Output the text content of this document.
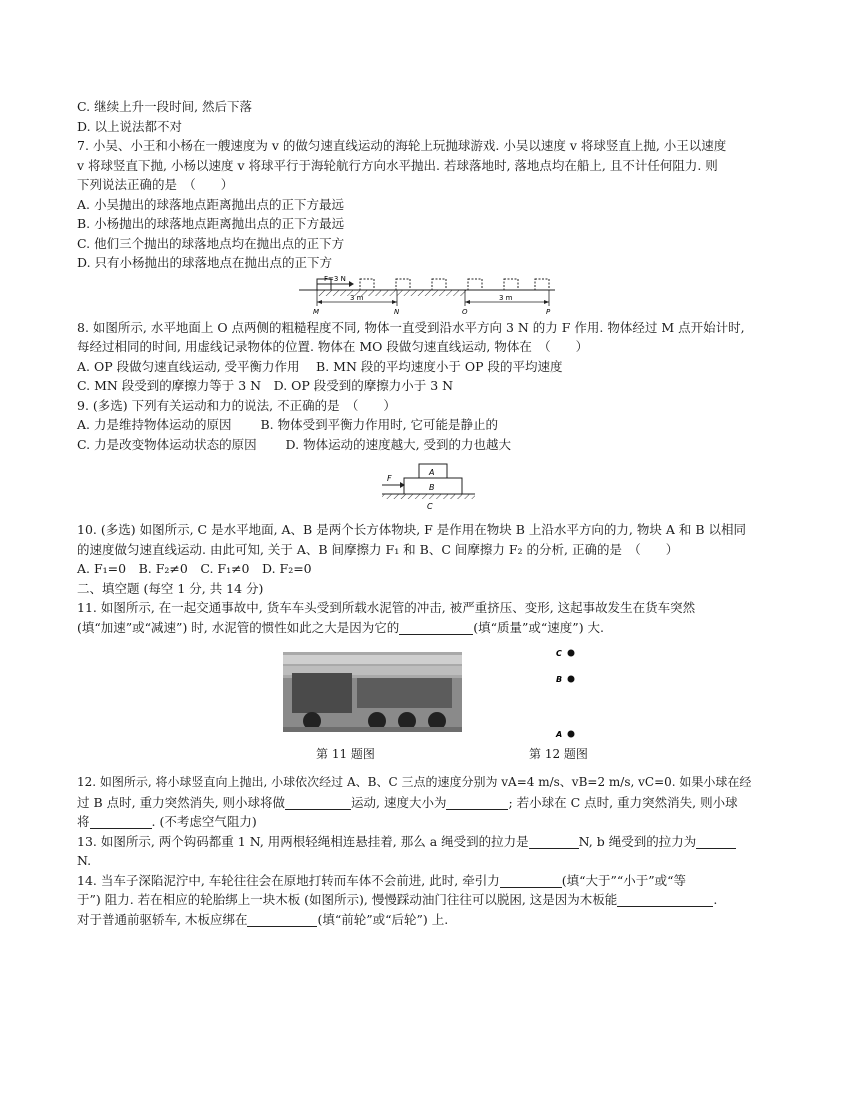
C. 继续上升一段时间, 然后下落
D. 以上说法都不对
7. 小吴、小王和小杨在一艘速度为 v 的做匀速直线运动的海轮上玩抛球游戏. 小吴以速度 v 将球竖直上抛, 小王以速度
v 将球竖直下抛, 小杨以速度 v 将球平行于海轮航行方向水平抛出. 若球落地时, 落地点均在船上, 且不计任何阻力. 则
下列说法正确的是　（　　）
A. 小吴抛出的球落地点距离抛出点的正下方最远
B. 小杨抛出的球落地点距离抛出点的正下方最远
C. 他们三个抛出的球落地点均在抛出点的正下方
D. 只有小杨抛出的球落地点在抛出点的正下方
F=3 N
3 m	3 m
M	N	O	P
8. 如图所示, 水平地面上 O 点两侧的粗糙程度不同, 物体一直受到沿水平方向 3 N 的力 F 作用. 物体经过 M 点开始计时,
每经过相同的时间, 用虚线记录物体的位置. 物体在 MO 段做匀速直线运动, 物体在　（　　）
A. OP 段做匀速直线运动, 受平衡力作用　 B. MN 段的平均速度小于 OP 段的平均速度
C. MN 段受到的摩擦力等于 3 N　D. OP 段受到的摩擦力小于 3 N
9. (多选) 下列有关运动和力的说法, 不正确的是　（　　）
A. 力是维持物体运动的原因　　 B. 物体受到平衡力作用时, 它可能是静止的
C. 力是改变物体运动状态的原因　　 D. 物体运动的速度越大, 受到的力也越大
A
B
C
F
10. (多选) 如图所示, C 是水平地面, A、B 是两个长方体物块, F 是作用在物块 B 上沿水平方向的力, 物块 A 和 B 以相同
的速度做匀速直线运动. 由此可知, 关于 A、B 间摩擦力 F₁ 和 B、C 间摩擦力 F₂ 的分析, 正确的是　（　　）
A. F₁=0　B. F₂≠0　C. F₁≠0　D. F₂=0
二、填空题 (每空 1 分, 共 14 分)
11. 如图所示, 在一起交通事故中, 货车车头受到所载水泥管的冲击, 被严重挤压、变形, 这起事故发生在货车突然
(填“加速”或“减速”) 时, 水泥管的惯性如此之大是因为它的	(填“质量”或“速度”) 大.
C
B
A
第 11 题图	第 12 题图
12. 如图所示, 将小球竖直向上抛出, 小球依次经过 A、B、C 三点的速度分别为 vA=4 m/s、vB=2 m/s, vC=0. 如果小球在经
过 B 点时, 重力突然消失, 则小球将做	运动, 速度大小为	; 若小球在 C 点时, 重力突然消失, 则小球
将	. (不考虑空气阻力)
13. 如图所示, 两个钩码都重 1 N, 用两根轻绳相连悬挂着, 那么 a 绳受到的拉力是	N, b 绳受到的拉力为
N.
14. 当车子深陷泥泞中, 车轮往往会在原地打转而车体不会前进, 此时, 牵引力	(填“大于”“小于”或“等
于”) 阻力. 若在相应的轮胎绑上一块木板 (如图所示), 慢慢踩动油门往往可以脱困, 这是因为木板能	.
对于普通前驱轿车, 木板应绑在	(填“前轮”或“后轮”) 上.
